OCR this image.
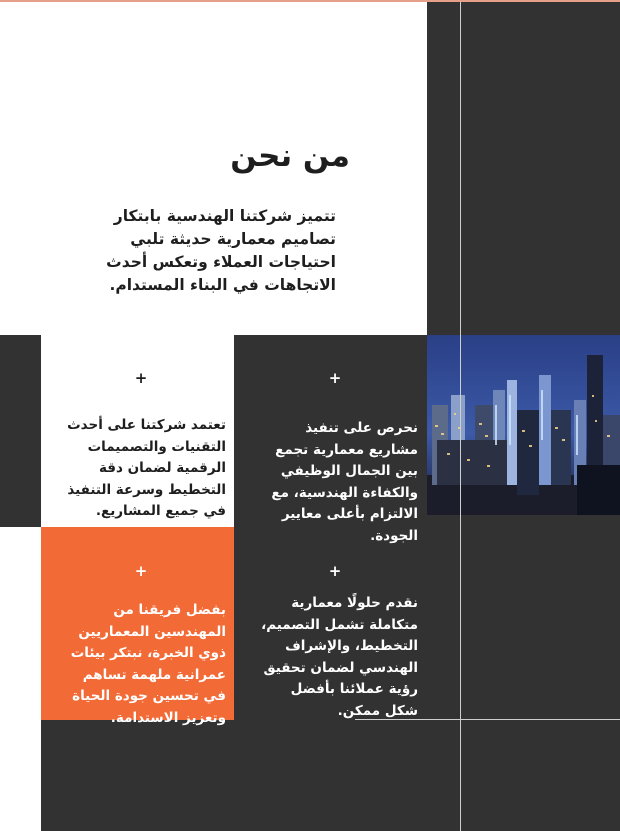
من نحن
تتميز شركتنا الهندسية بابتكار تصاميم معمارية حديثة تلبي احتياجات العملاء وتعكس أحدث الاتجاهات في البناء المستدام.
+
نحرص على تنفيذ مشاريع معمارية تجمع بين الجمال الوظيفي والكفاءة الهندسية، مع الالتزام بأعلى معايير الجودة.
+
تعتمد شركتنا على أحدث التقنيات والتصميمات الرقمية لضمان دقة التخطيط وسرعة التنفيذ في جميع المشاريع.
+
نقدم حلولًا معمارية متكاملة تشمل التصميم، التخطيط، والإشراف الهندسي لضمان تحقيق رؤية عملائنا بأفضل شكل ممكن.
+
بفضل فريقنا من المهندسين المعماريين ذوي الخبرة، نبتكر بيئات عمرانية ملهمة تساهم في تحسين جودة الحياة وتعزيز الاستدامة.
